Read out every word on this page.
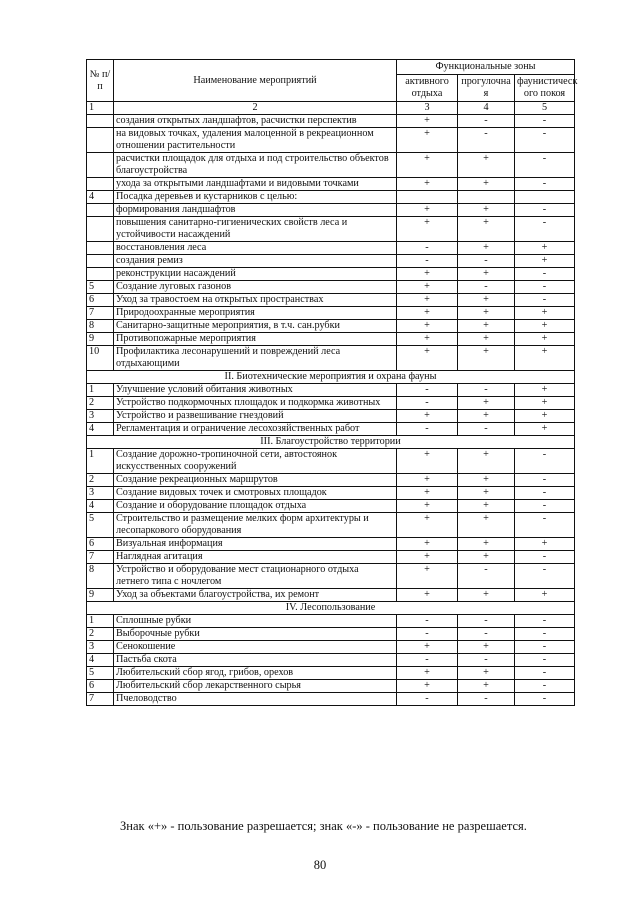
№ п/п	Наименование мероприятий	Функциональные зоны		
		активного отдыха	прогулочна я	фаунистическ ого покоя
1	2	3	4	5
	создания открытых ландшафтов, расчистки перспектив	+	-	-
	на видовых точках, удаления малоценной в рекреационном отношении растительности	+	-	-
	расчистки площадок для отдыха и под строительство объектов благоустройства	+	+	-
	ухода за открытыми ландшафтами и видовыми точками	+	+	-
4	Посадка деревьев и кустарников с целью:			
	формирования ландшафтов	+	+	-
	повышения санитарно-гигиенических свойств леса и устойчивости насаждений	+	+	-
	восстановления леса	-	+	+
	создания ремиз	-	-	+
	реконструкции насаждений	+	+	-
5	Создание луговых газонов	+	-	-
6	Уход за травостоем на открытых пространствах	+	+	-
7	Природоохранные мероприятия	+	+	+
8	Санитарно-защитные мероприятия, в т.ч. сан.рубки	+	+	+
9	Противопожарные мероприятия	+	+	+
10	Профилактика лесонарушений и повреждений леса отдыхающими	+	+	+
II. Биотехнические мероприятия и охрана фауны				
1	Улучшение условий обитания животных	-	-	+
2	Устройство подкормочных площадок и подкормка животных	-	+	+
3	Устройство и развешивание гнездовий	+	+	+
4	Регламентация и ограничение лесохозяйственных работ	-	-	+
III. Благоустройство территории				
1	Создание дорожно-тропиночной сети, автостоянок искусственных сооружений	+	+	-
2	Создание рекреационных маршрутов	+	+	-
3	Создание видовых точек и смотровых площадок	+	+	-
4	Создание и оборудование площадок отдыха	+	+	-
5	Строительство и размещение мелких форм архитектуры и лесопаркового оборудования	+	+	-
6	Визуальная информация	+	+	+
7	Наглядная агитация	+	+	-
8	Устройство и оборудование мест стационарного отдыха летнего типа с ночлегом	+	-	-
9	Уход за объектами благоустройства, их ремонт	+	+	+
IV. Лесопользование				
1	Сплошные рубки	-	-	-
2	Выборочные рубки	-	-	-
3	Сенокошение	+	+	-
4	Пастьба скота	-	-	-
5	Любительский сбор ягод, грибов, орехов	+	+	-
6	Любительский сбор лекарственного сырья	+	+	-
7	Пчеловодство	-	-	-
Знак «+» - пользование разрешается; знак «-» - пользование не разрешается.
80
